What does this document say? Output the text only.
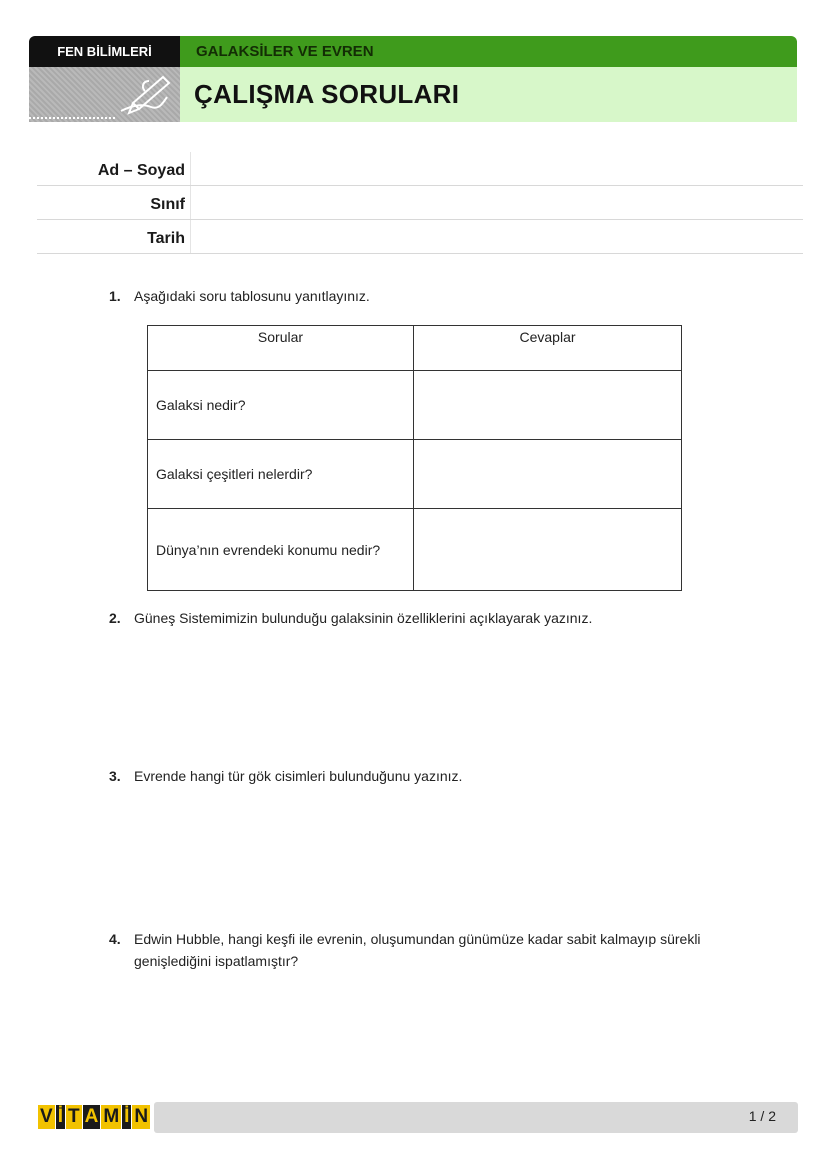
FEN BİLİMLERİ	GALAKSİLER VE EVREN
ÇALIŞMA SORULARI
Ad – Soyad
Sınıf
Tarih
1. Aşağıdaki soru tablosunu yanıtlayınız.
Sorular	Cevaplar
Galaksi nedir?	
Galaksi çeşitleri nelerdir?	
Dünya’nın evrendeki konumu nedir?	
2. Güneş Sistemimizin bulunduğu galaksinin özelliklerini açıklayarak yazınız.
3. Evrende hangi tür gök cisimleri bulunduğunu yazınız.
4. Edwin Hubble, hangi keşfi ile evrenin, oluşumundan günümüze kadar sabit kalmayıp sürekli genişlediğini ispatlamıştır?
V İ T A M İ N	1 / 2
